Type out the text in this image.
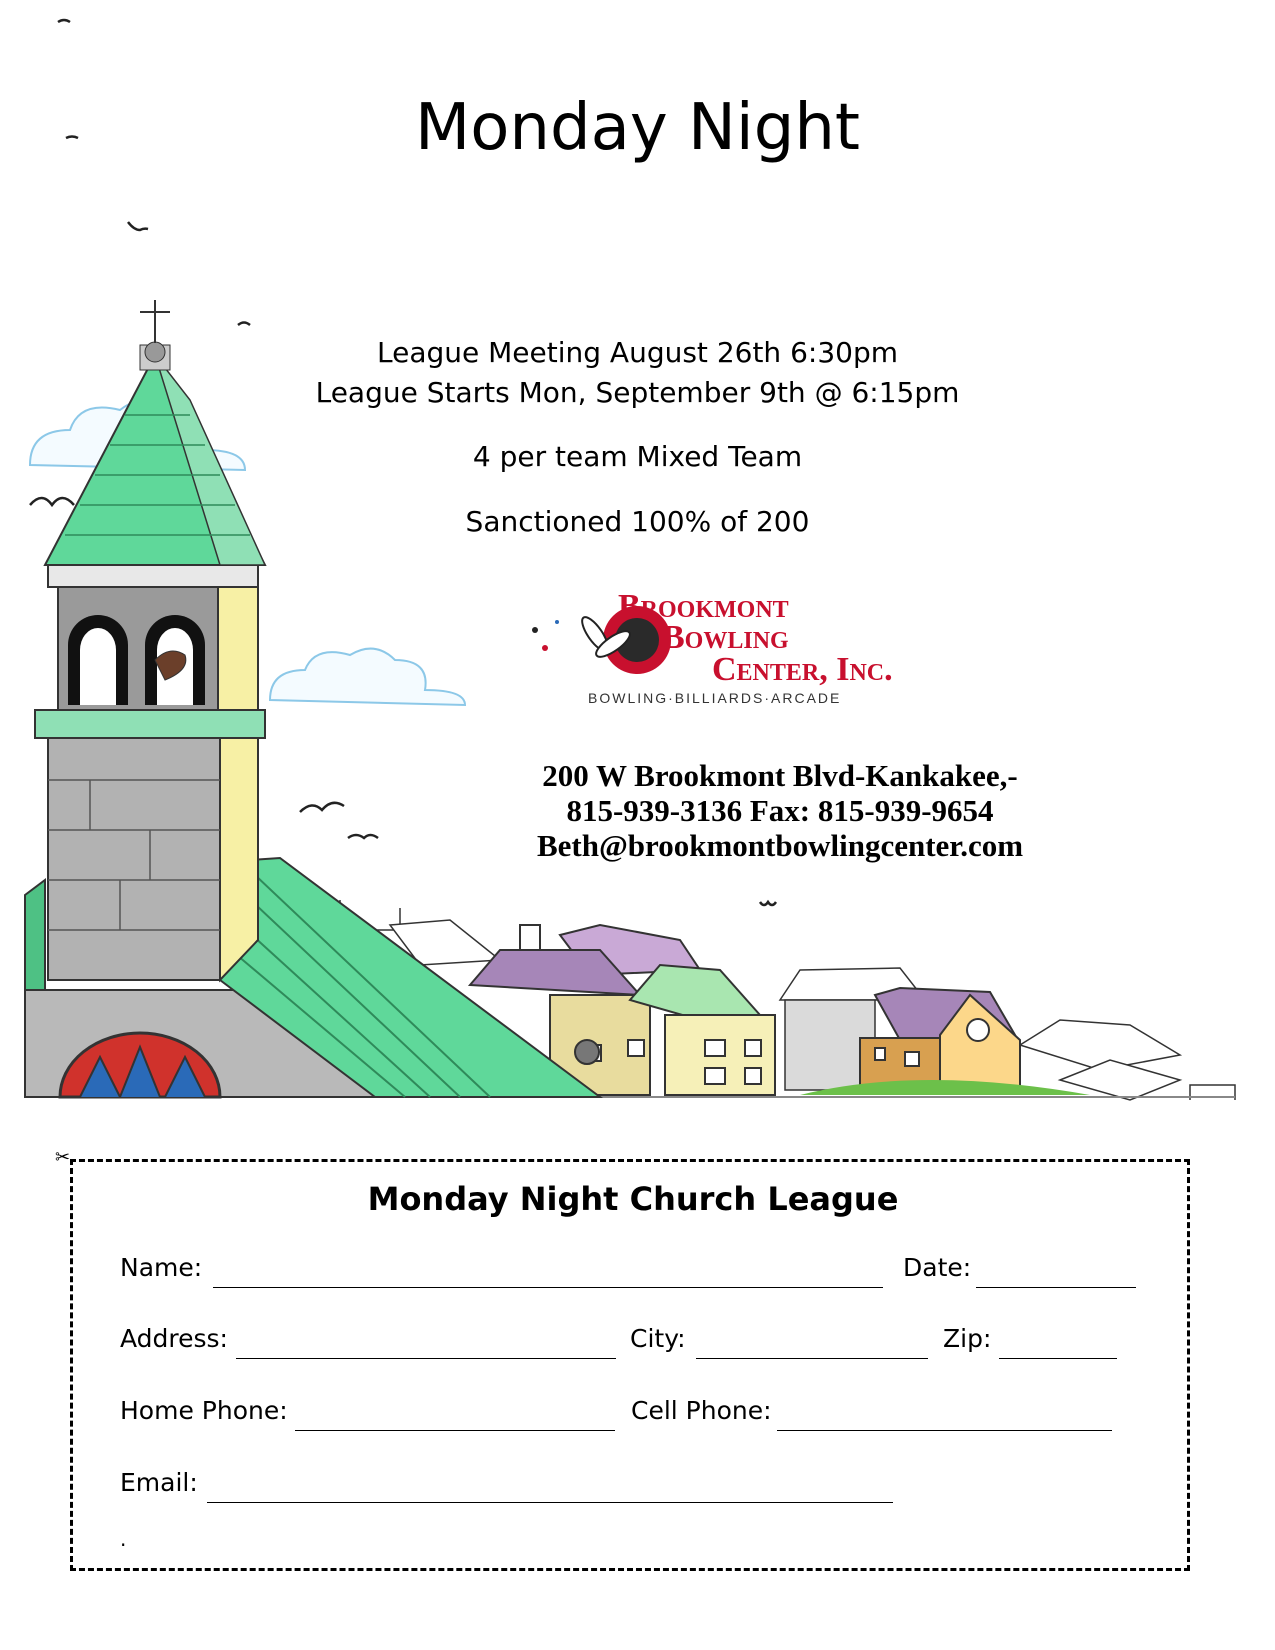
Monday Night
Brookmont
Bowling
Center, Inc.
BOWLING·BILLIARDS·ARCADE
League Meeting August 26th 6:30pm
League Starts Mon, September 9th @ 6:15pm
4 per team Mixed Team
Sanctioned 100% of 200
200 W Brookmont Blvd-Kankakee,-
815-939-3136 Fax: 815-939-9654
Beth@brookmontbowlingcenter.com
✂
Monday Night Church League
Name:	Date:
Address:	City:	Zip:
Home Phone:	Cell Phone:
Email:
.
